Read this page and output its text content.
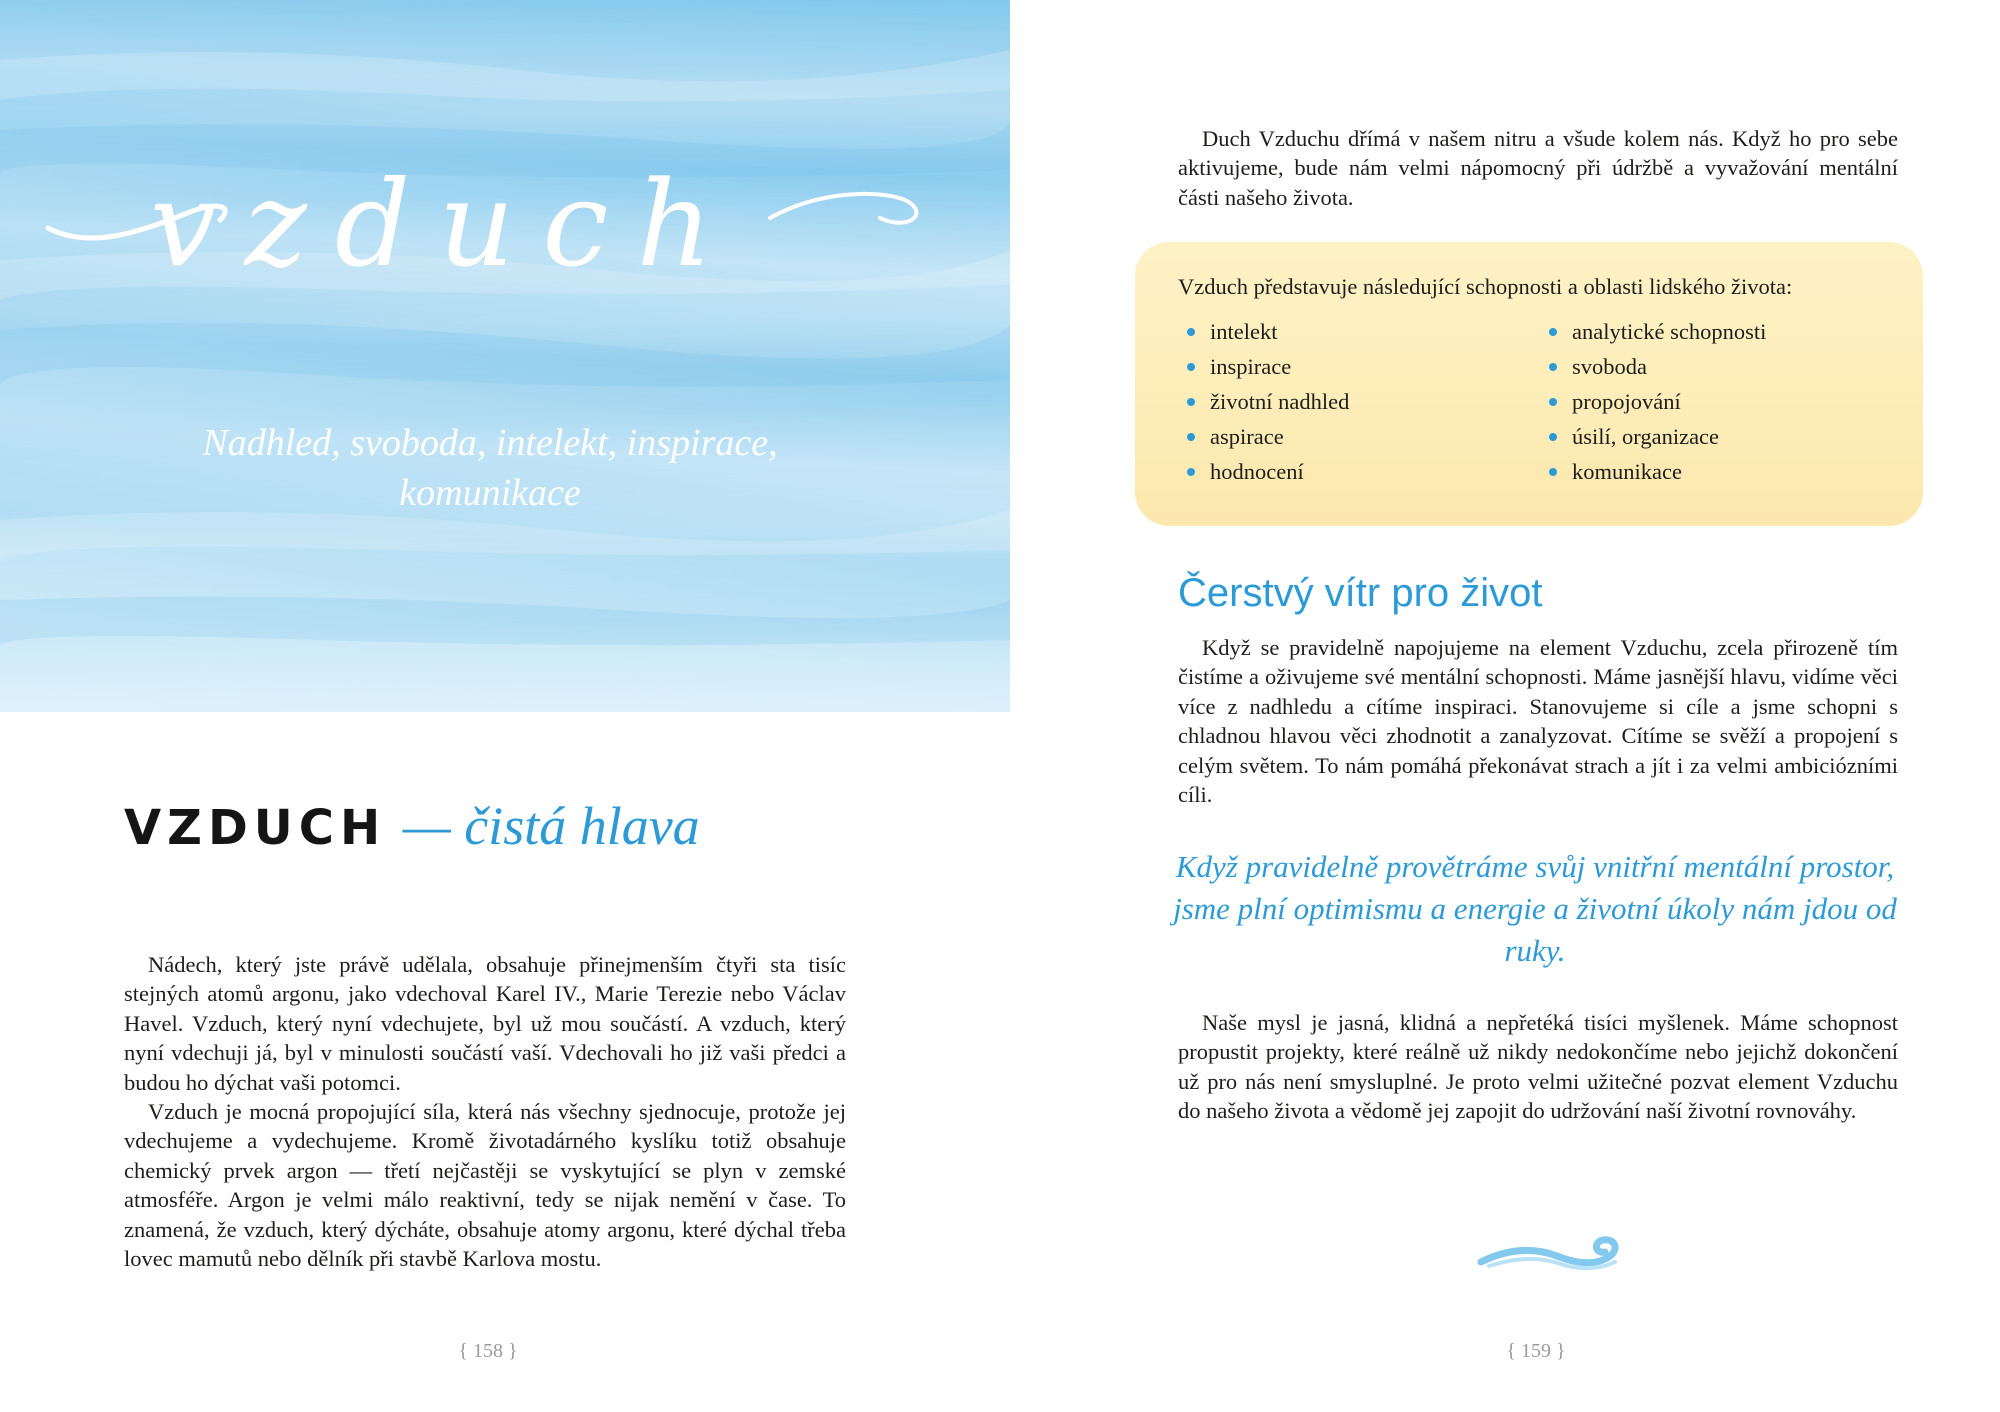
vzduch
Nadhled, svoboda, intelekt, inspirace, komunikace
VZDUCH — čistá hlava

Nádech, který jste právě udělala, obsahuje přinejmenším čtyři sta tisíc stejných atomů argonu, jako vdechoval Karel IV., Marie Terezie nebo Václav Havel. Vzduch, který nyní vdechujete, byl už mou součástí. A vzduch, který nyní vdechuji já, byl v minulosti součástí vaší. Vdechovali ho již vaši předci a budou ho dýchat vaši potomci.

Vzduch je mocná propojující síla, která nás všechny sjednocuje, protože jej vdechujeme a vydechujeme. Kromě životadárného kyslíku totiž obsahuje chemický prvek argon — třetí nejčastěji se vyskytující se plyn v zemské atmosféře. Argon je velmi málo reaktivní, tedy se nijak nemění v čase. To znamená, že vzduch, který dýcháte, obsahuje atomy argonu, které dýchal třeba lovec mamutů nebo dělník při stavbě Karlova mostu.

{ 158 }

Duch Vzduchu dřímá v našem nitru a všude kolem nás. Když ho pro sebe aktivujeme, bude nám velmi nápomocný při údržbě a vyvažování mentální části našeho života.

Vzduch představuje následující schopnosti a oblasti lidského života:
intelekt
inspirace
životní nadhled
aspirace
hodnocení
analytické schopnosti
svoboda
propojování
úsilí, organizace
komunikace
Čerstvý vítr pro život

Když se pravidelně napojujeme na element Vzduchu, zcela přirozeně tím čistíme a oživujeme své mentální schopnosti. Máme jasnější hlavu, vidíme věci více z nadhledu a cítíme inspiraci. Stanovujeme si cíle a jsme schopni s chladnou hlavou věci zhodnotit a zanalyzovat. Cítíme se svěží a propojení s celým světem. To nám pomáhá překonávat strach a jít i za velmi ambiciózními cíli.

Když pravidelně provětráme svůj vnitřní mentální prostor, jsme plní optimismu a energie a životní úkoly nám jdou od ruky.

Naše mysl je jasná, klidná a nepřetéká tisíci myšlenek. Máme schopnost propustit projekty, které reálně už nikdy nedokončíme nebo jejichž dokončení už pro nás není smysluplné. Je proto velmi užitečné pozvat element Vzduchu do našeho života a vědomě jej zapojit do udržování naší životní rovnováhy.

{ 159 }
